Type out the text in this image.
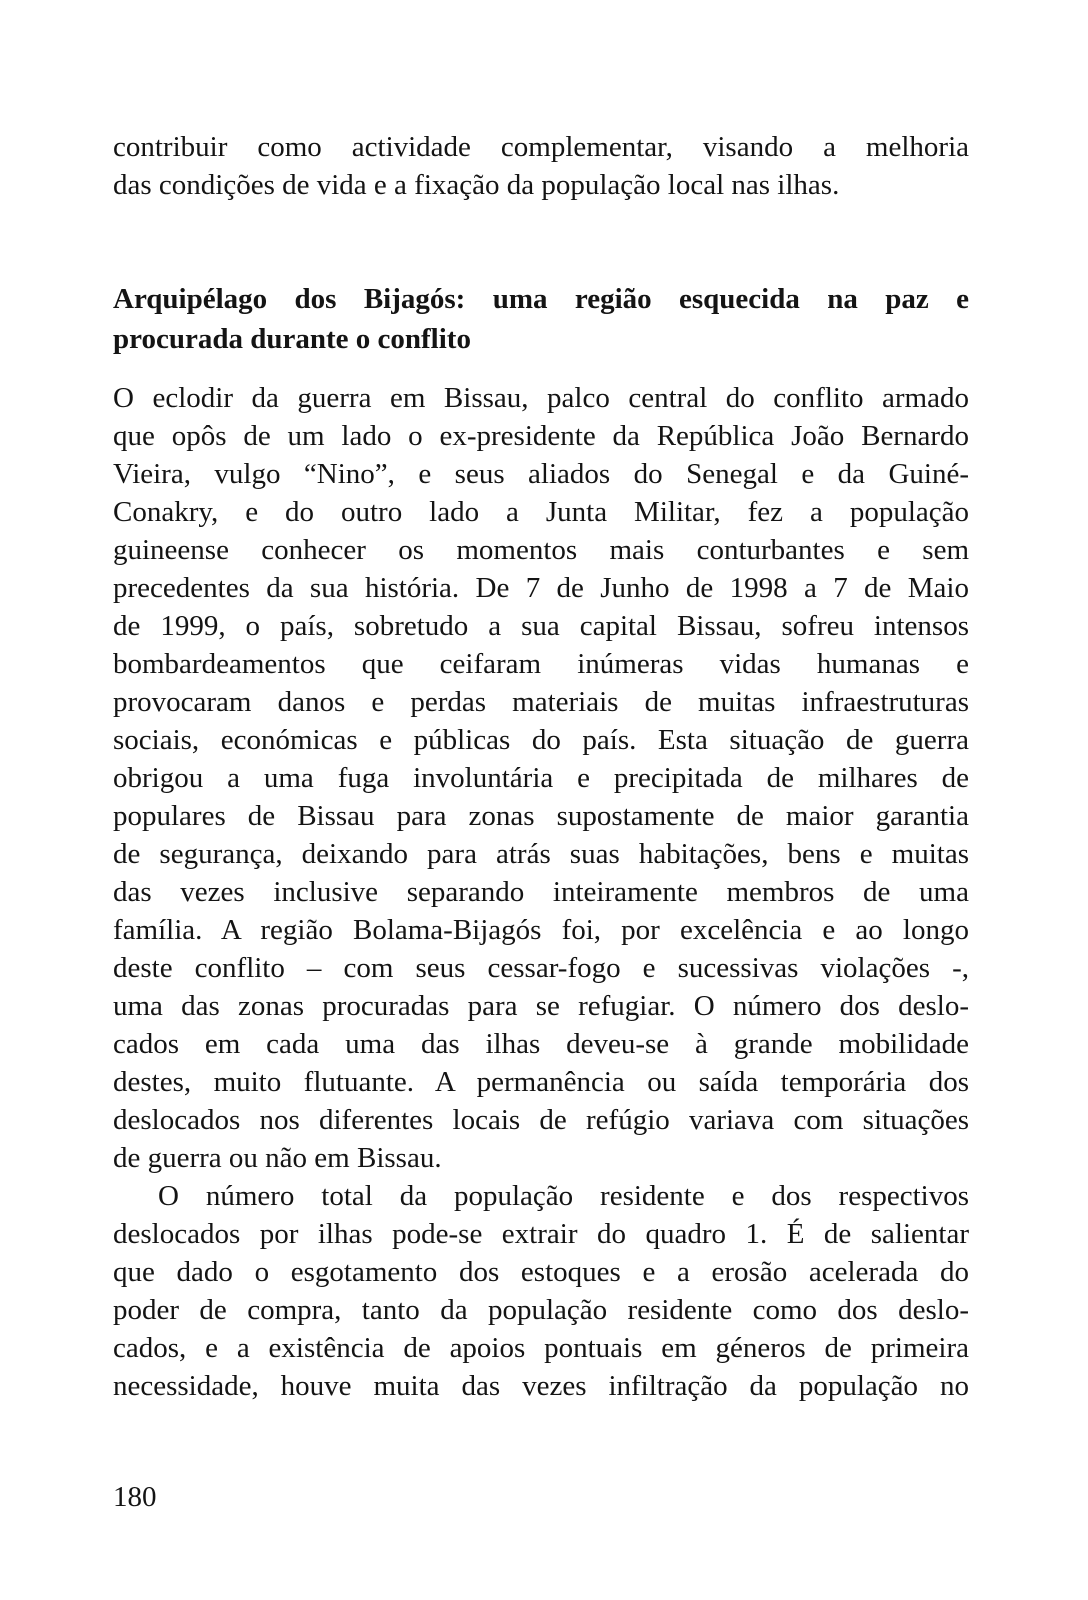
contribuir como actividade complementar, visando a melhoria
das condições de vida e a fixação da população local nas ilhas.
Arquipélago dos Bijagós: uma região esquecida na paz e
procurada durante o conflito
O eclodir da guerra em Bissau, palco central do conflito armado
que opôs de um lado o ex-presidente da República João Bernardo
Vieira, vulgo “Nino”, e seus aliados do Senegal e da Guiné-
Conakry, e do outro lado a Junta Militar, fez a população
guineense conhecer os momentos mais conturbantes e sem
precedentes da sua história. De 7 de Junho de 1998 a 7 de Maio
de 1999, o país, sobretudo a sua capital Bissau, sofreu intensos
bombardeamentos que ceifaram inúmeras vidas humanas e
provocaram danos e perdas materiais de muitas infraestruturas
sociais, económicas e públicas do país. Esta situação de guerra
obrigou a uma fuga involuntária e precipitada de milhares de
populares de Bissau para zonas supostamente de maior garantia
de segurança, deixando para atrás suas habitações, bens e muitas
das vezes inclusive separando inteiramente membros de uma
família. A região Bolama-Bijagós foi, por excelência e ao longo
deste conflito – com seus cessar-fogo e sucessivas violações -,
uma das zonas procuradas para se refugiar. O número dos deslo-
cados em cada uma das ilhas deveu-se à grande mobilidade
destes, muito flutuante. A permanência ou saída temporária dos
deslocados nos diferentes locais de refúgio variava com situações
de guerra ou não em Bissau.
O número total da população residente e dos respectivos
deslocados por ilhas pode-se extrair do quadro 1. É de salientar
que dado o esgotamento dos estoques e a erosão acelerada do
poder de compra, tanto da população residente como dos deslo-
cados, e a existência de apoios pontuais em géneros de primeira
necessidade, houve muita das vezes infiltração da população no
180
